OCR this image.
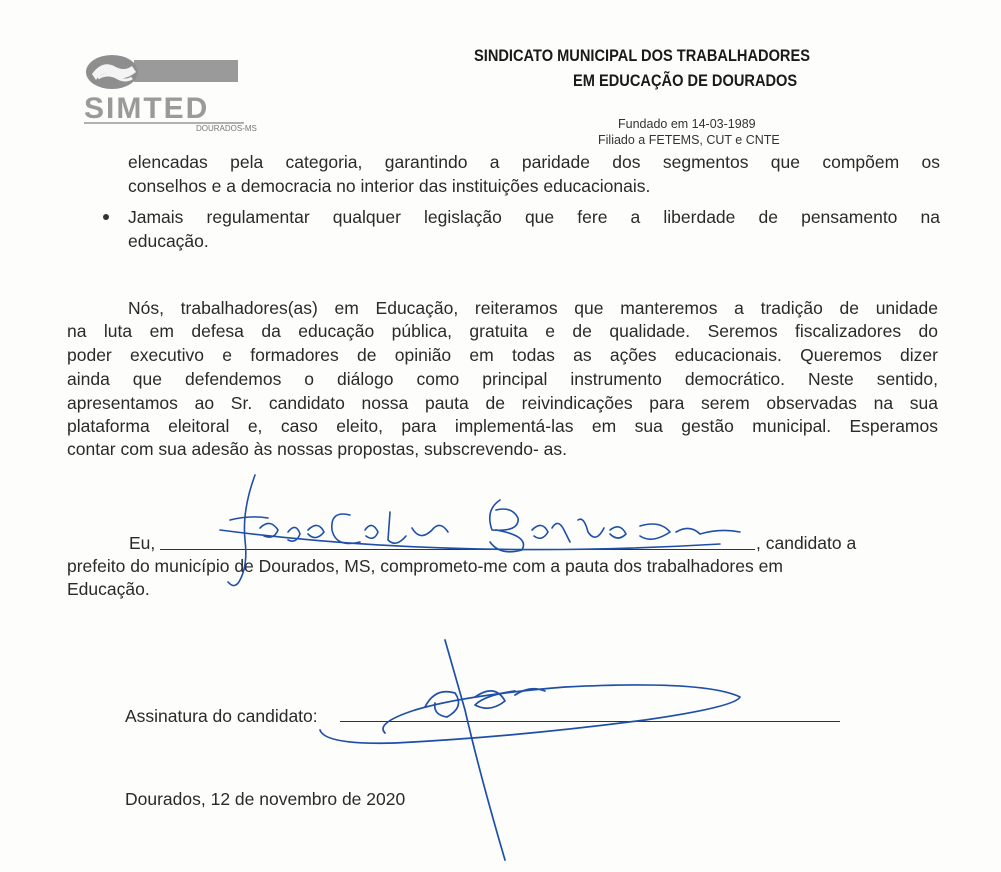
SIMTED
DOURADOS-MS
SINDICATO MUNICIPAL DOS TRABALHADORES
EM EDUCAÇÃO DE DOURADOS
Fundado em 14-03-1989
Filiado a FETEMS, CUT e CNTE
elencadas pela categoria, garantindo a paridade dos segmentos que compõem os
conselhos e a democracia no interior das instituições educacionais.
Jamais regulamentar qualquer legislação que fere a liberdade de pensamento na
educação.
Nós, trabalhadores(as) em Educação, reiteramos que manteremos a tradição de unidade
na luta em defesa da educação pública, gratuita e de qualidade. Seremos fiscalizadores do
poder executivo e formadores de opinião em todas as ações educacionais. Queremos dizer
ainda que defendemos o diálogo como principal instrumento democrático. Neste sentido,
apresentamos ao Sr. candidato nossa pauta de reivindicações para serem observadas na sua
plataforma eleitoral e, caso eleito, para implementá-las em sua gestão municipal. Esperamos
contar com sua adesão às nossas propostas, subscrevendo- as.
Eu,	, candidato a
prefeito do município de Dourados, MS, comprometo-me com a pauta dos trabalhadores em
Educação.
Assinatura do candidato:
Dourados, 12 de novembro de 2020
